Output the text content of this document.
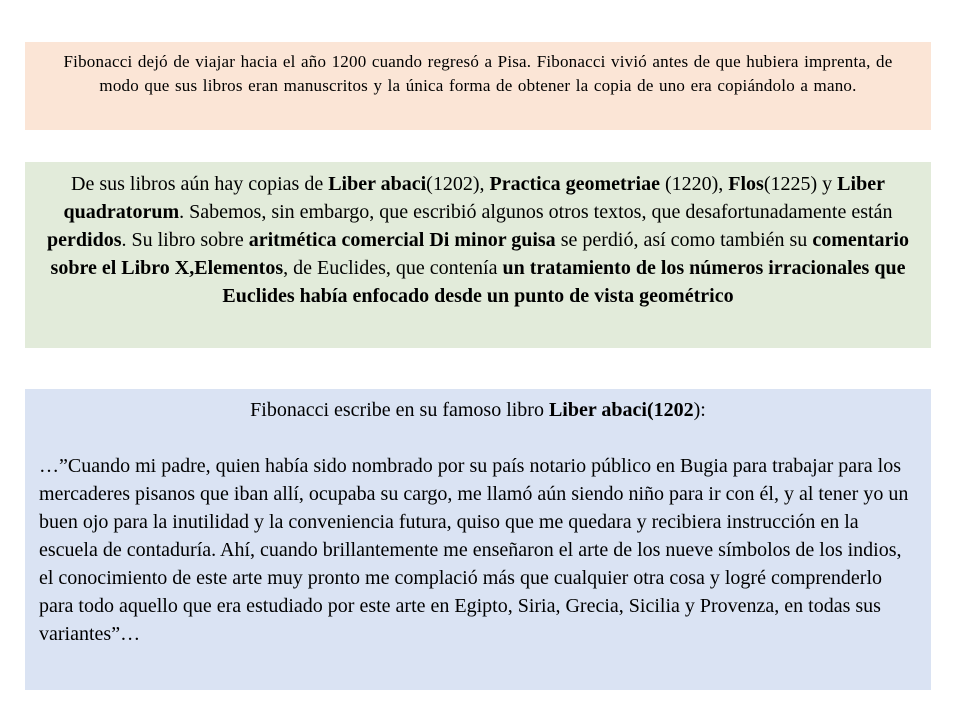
Fibonacci dejó de viajar hacia el año 1200 cuando regresó a Pisa. Fibonacci vivió antes de que hubiera imprenta, de modo que sus libros eran manuscritos y la única forma de obtener la copia de uno era copiándolo a mano.
De sus libros aún hay copias de Liber abaci(1202), Practica geometriae (1220), Flos(1225) y Liber quadratorum. Sabemos, sin embargo, que escribió algunos otros textos, que desafortunadamente están perdidos. Su libro sobre aritmética comercial Di minor guisa se perdió, así como también su comentario sobre el Libro X,Elementos, de Euclides, que contenía un tratamiento de los números irracionales que Euclides había enfocado desde un punto de vista geométrico
Fibonacci escribe en su famoso libro Liber abaci(1202):
…”Cuando mi padre, quien había sido nombrado por su país notario público en Bugia para trabajar para los mercaderes pisanos que iban allí, ocupaba su cargo, me llamó aún siendo niño para ir con él, y al tener yo un buen ojo para la inutilidad y la conveniencia futura, quiso que me quedara y recibiera instrucción en la escuela de contaduría. Ahí, cuando brillantemente me enseñaron el arte de los nueve símbolos de los indios, el conocimiento de este arte muy pronto me complació más que cualquier otra cosa y logré comprenderlo para todo aquello que era estudiado por este arte en Egipto, Siria, Grecia, Sicilia y Provenza, en todas sus variantes”…
